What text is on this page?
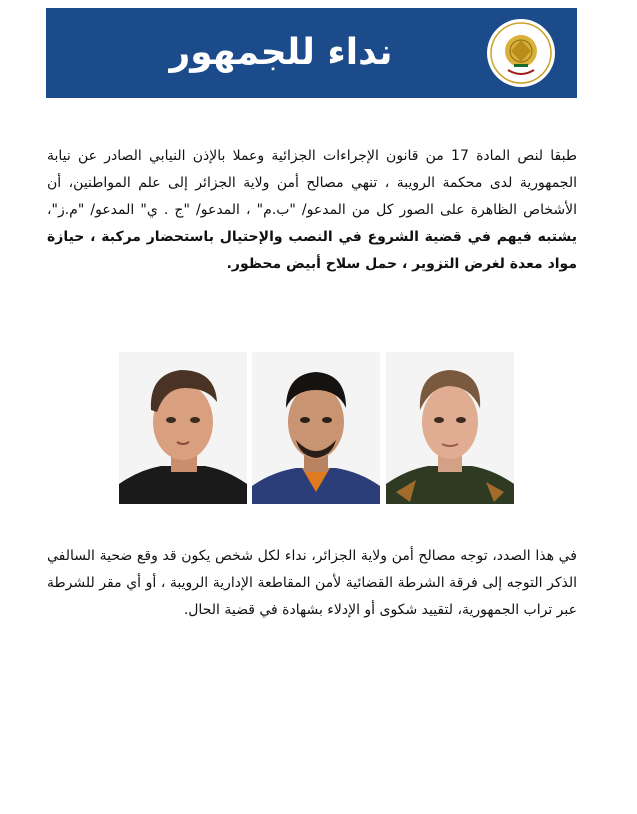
نداء للجمهور
طبقا لنص المادة 17 من قانون الإجراءات الجزائية وعملا بالإذن النيابي الصادر عن نيابة الجمهورية لدى محكمة الرويبة ، تنهي مصالح أمن ولاية الجزائر إلى علم المواطنين، أن الأشخاص الظاهرة على الصور كل من المدعو/ "ب.م" ، المدعو/ "ج . ي" المدعو/ "م.ز"، يشتبه فيهم في قضية الشروع في النصب والإحتيال باستحضار مركبة ، حيازة مواد معدة لغرض التزوير ، حمل سلاح أبيض محظور.
في هذا الصدد، توجه مصالح أمن ولاية الجزائر، نداء لكل شخص يكون قد وقع ضحية السالفي الذكر التوجه إلى فرقة الشرطة القضائية لأمن المقاطعة الإدارية الرويبة ، أو أي مقر للشرطة عبر تراب الجمهورية، لتقييد شكوى أو الإدلاء بشهادة في قضية الحال.
